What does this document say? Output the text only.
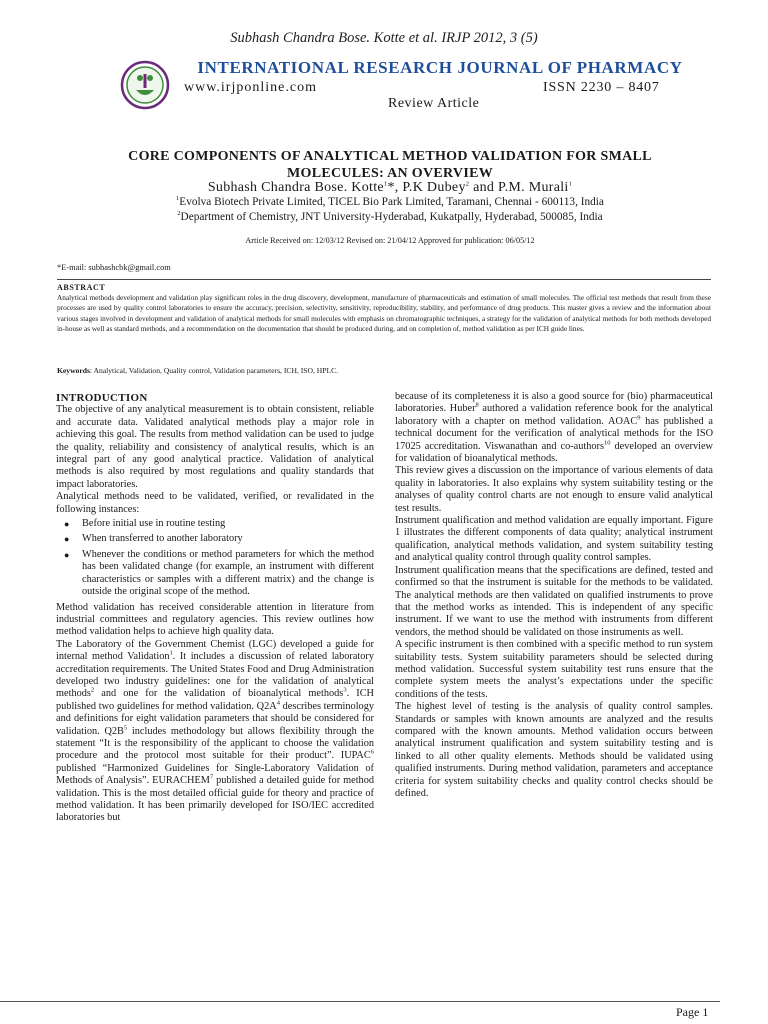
Subhash Chandra Bose. Kotte et al. IRJP 2012, 3 (5)
INTERNATIONAL RESEARCH JOURNAL OF PHARMACY
www.irjponline.com	ISSN 2230 – 8407
Review Article
CORE COMPONENTS OF ANALYTICAL METHOD VALIDATION FOR SMALL
MOLECULES: AN OVERVIEW
Subhash Chandra Bose. Kotte$^1$*, P.K Dubey$^2$ and P.M. Murali$^1$
$^1$Evolva Biotech Private Limited, TICEL Bio Park Limited, Taramani, Chennai - 600113, India
$^2$Department of Chemistry, JNT University-Hyderabad, Kukatpally, Hyderabad, 500085, India
Article Received on: 12/03/12 Revised on: 21/04/12 Approved for publication: 06/05/12
*E-mail: subhashcbk@gmail.com
ABSTRACT
Analytical methods development and validation play significant roles in the drug discovery, development, manufacture of pharmaceuticals and estimation of small molecules. The official test methods that result from these processes are used by quality control laboratories to ensure the accuracy, precision, selectivity, sensitivity, reproducibility, stability, and performance of drug products. This master gives a review and the information about various stages involved in development and validation of analytical methods for small molecules with emphasis on chromatographic techniques, a strategy for the validation of analytical methods for both methods developed in-house as well as standard methods, and a recommendation on the documentation that should be produced during, and on completion of, method validation as per ICH guide lines.
Keywords: Analytical, Validation, Quality control, Validation parameters, ICH, ISO, HPLC.

INTRODUCTION

The objective of any analytical measurement is to obtain consistent, reliable and accurate data. Validated analytical methods play a major role in achieving this goal. The results from method validation can be used to judge the quality, reliability and consistency of analytical results, which is an integral part of any good analytical practice. Validation of analytical methods is also required by most regulations and quality standards that impact laboratories.

Analytical methods need to be validated, verified, or revalidated in the following instances:

● Before initial use in routine testing
● When transferred to another laboratory
● Whenever the conditions or method parameters for which the method has been validated change (for example, an instrument with different characteristics or samples with a different matrix) and the change is outside the original scope of the method.

Method validation has received considerable attention in literature from industrial committees and regulatory agencies. This review outlines how method validation helps to achieve high quality data.

The Laboratory of the Government Chemist (LGC) developed a guide for internal method Validation$^1$. It includes a discussion of related laboratory accreditation requirements. The United States Food and Drug Administration developed two industry guidelines: one for the validation of analytical methods$^2$ and one for the validation of bioanalytical methods$^3$. ICH published two guidelines for method validation. $Q2A^4$ describes terminology and definitions for eight validation parameters that should be considered for validation. $Q2B^5$ includes methodology but allows flexibility through the statement “It is the responsibility of the applicant to choose the validation procedure and the protocol most suitable for their product”. IUPAC$^6$ published “Harmonized Guidelines for Single-Laboratory Validation of Methods of Analysis”. EURACHEM$^7$ published a detailed guide for method validation. This is the most detailed official guide for theory and practice of method validation. It has been primarily developed for ISO/IEC accredited laboratories but

because of its completeness it is also a good source for (bio) pharmaceutical laboratories. Huber$^8$ authored a validation reference book for the analytical laboratory with a chapter on method validation. AOAC$^9$ has published a technical document for the verification of analytical methods for the ISO 17025 accreditation. Viswanathan and co-authors$^{10}$ developed an overview for validation of bioanalytical methods.

This review gives a discussion on the importance of various elements of data quality in laboratories. It also explains why system suitability testing or the analyses of quality control charts are not enough to ensure valid analytical test results.

Instrument qualification and method validation are equally important. Figure 1 illustrates the different components of data quality; analytical instrument qualification, analytical methods validation, and system suitability testing and analytical quality control through quality control samples.

Instrument qualification means that the specifications are defined, tested and confirmed so that the instrument is suitable for the methods to be validated. The analytical methods are then validated on qualified instruments to prove that the method works as intended. This is independent of any specific instrument. If we want to use the method with instruments from different vendors, the method should be validated on those instruments as well.

A specific instrument is then combined with a specific method to run system suitability tests. System suitability parameters should be selected during method validation. Successful system suitability test runs ensure that the complete system meets the analyst’s expectations under the specific conditions of the tests.

The highest level of testing is the analysis of quality control samples. Standards or samples with known amounts are analyzed and the results compared with the known amounts. Method validation occurs between analytical instrument qualification and system suitability testing and is linked to all other quality elements. Methods should be validated using qualified instruments. During method validation, parameters and acceptance criteria for system suitability checks and quality control checks should be defined.

Page 1
